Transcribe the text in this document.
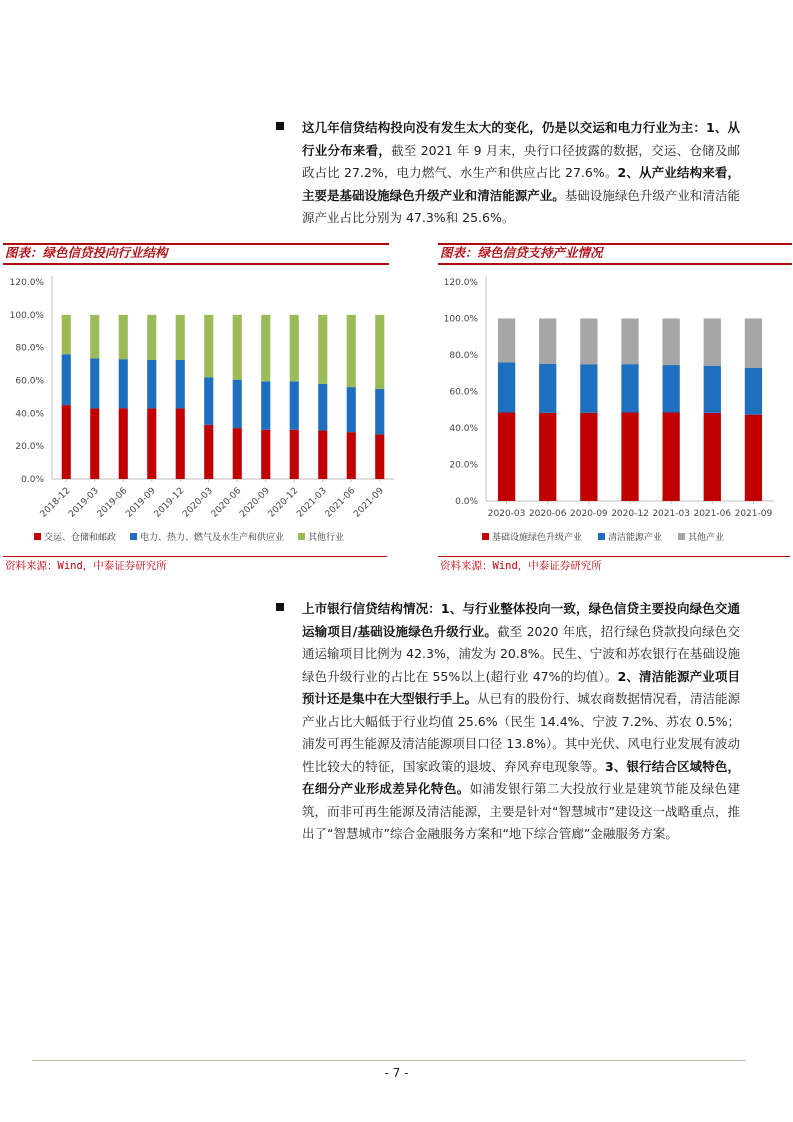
这几年信贷结构投向没有发生太大的变化，仍是以交运和电力行业为主：1、从行业分布来看，截至 2021 年 9 月末，央行口径披露的数据，交运、仓储及邮政占比 27.2%，电力燃气、水生产和供应占比 27.6%。2、从产业结构来看，主要是基础设施绿色升级产业和清洁能源产业。基础设施绿色升级产业和清洁能源产业占比分别为 47.3%和 25.6%。
图表：绿色信贷投向行业结构	图表：绿色信贷支持产业情况
0.0%
20.0%
40.0%
60.0%
80.0%
100.0%
120.0%
2018-12
2019-03
2019-06
2019-09
2019-12
2020-03
2020-06
2020-09
2020-12
2021-03
2021-06
2021-09
交运、仓储和邮政	电力、热力、燃气及水生产和供应业	其他行业
0.0%
20.0%
40.0%
60.0%
80.0%
100.0%
120.0%
2020-03 2020-06 2020-09 2020-12 2021-03 2021-06 2021-09
基础设施绿色升级产业	清洁能源产业	其他产业
资料来源：Wind，中泰证券研究所	资料来源：Wind，中泰证券研究所
上市银行信贷结构情况：1、与行业整体投向一致，绿色信贷主要投向绿色交通运输项目/基础设施绿色升级行业。截至 2020 年底，招行绿色贷款投向绿色交通运输项目比例为 42.3%，浦发为 20.8%。民生、宁波和苏农银行在基础设施绿色升级行业的占比在 55%以上(超行业 47%的均值）。2、清洁能源产业项目预计还是集中在大型银行手上。从已有的股份行、城农商数据情况看，清洁能源产业占比大幅低于行业均值 25.6%（民生 14.4%、宁波 7.2%、苏农 0.5%；浦发可再生能源及清洁能源项目口径 13.8%）。其中光伏、风电行业发展有波动性比较大的特征，国家政策的退坡、弃风弃电现象等。3、银行结合区域特色，在细分产业形成差异化特色。如浦发银行第二大投放行业是建筑节能及绿色建筑，而非可再生能源及清洁能源，主要是针对“智慧城市”建设这一战略重点，推出了“智慧城市”综合金融服务方案和“地下综合管廊”金融服务方案。
- 7 -
